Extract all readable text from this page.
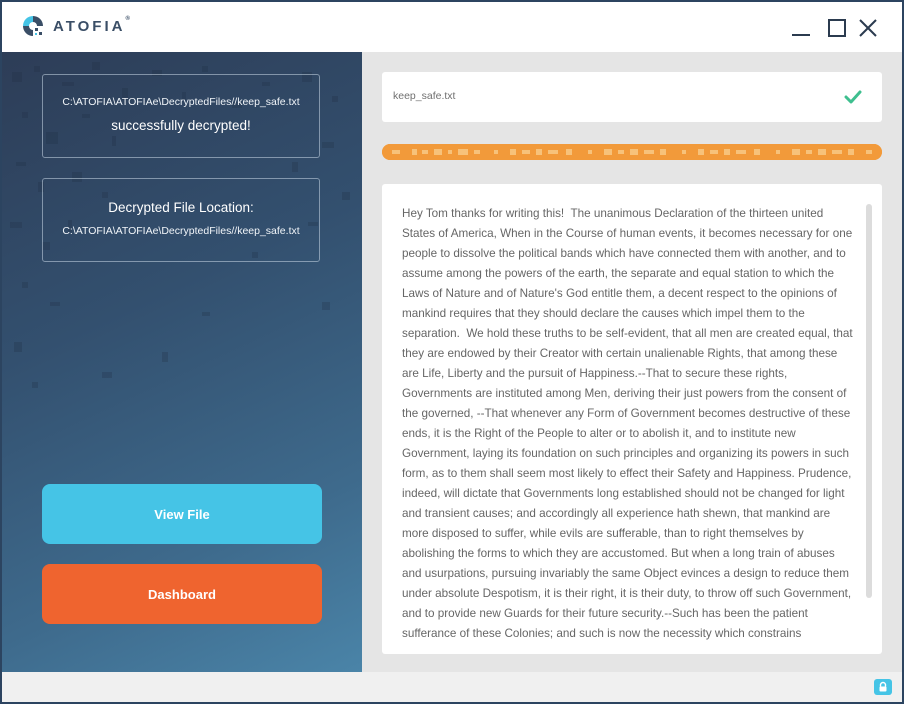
ATOFIA®
C:\ATOFIA\ATOFIAe\DecryptedFiles//keep_safe.txt
successfully decrypted!
Decrypted File Location:
C:\ATOFIA\ATOFIAe\DecryptedFiles//keep_safe.txt
View File
Dashboard
keep_safe.txt
Hey Tom thanks for writing this!  The unanimous Declaration of the thirteen united States of America, When in the Course of human events, it becomes necessary for one people to dissolve the political bands which have connected them with another, and to assume among the powers of the earth, the separate and equal station to which the Laws of Nature and of Nature's God entitle them, a decent respect to the opinions of mankind requires that they should declare the causes which impel them to the separation.  We hold these truths to be self-evident, that all men are created equal, that they are endowed by their Creator with certain unalienable Rights, that among these are Life, Liberty and the pursuit of Happiness.--That to secure these rights, Governments are instituted among Men, deriving their just powers from the consent of the governed, --That whenever any Form of Government becomes destructive of these ends, it is the Right of the People to alter or to abolish it, and to institute new Government, laying its foundation on such principles and organizing its powers in such form, as to them shall seem most likely to effect their Safety and Happiness. Prudence, indeed, will dictate that Governments long established should not be changed for light and transient causes; and accordingly all experience hath shewn, that mankind are more disposed to suffer, while evils are sufferable, than to right themselves by abolishing the forms to which they are accustomed. But when a long train of abuses and usurpations, pursuing invariably the same Object evinces a design to reduce them under absolute Despotism, it is their right, it is their duty, to throw off such Government, and to provide new Guards for their future security.--Such has been the patient sufferance of these Colonies; and such is now the necessity which constrains
